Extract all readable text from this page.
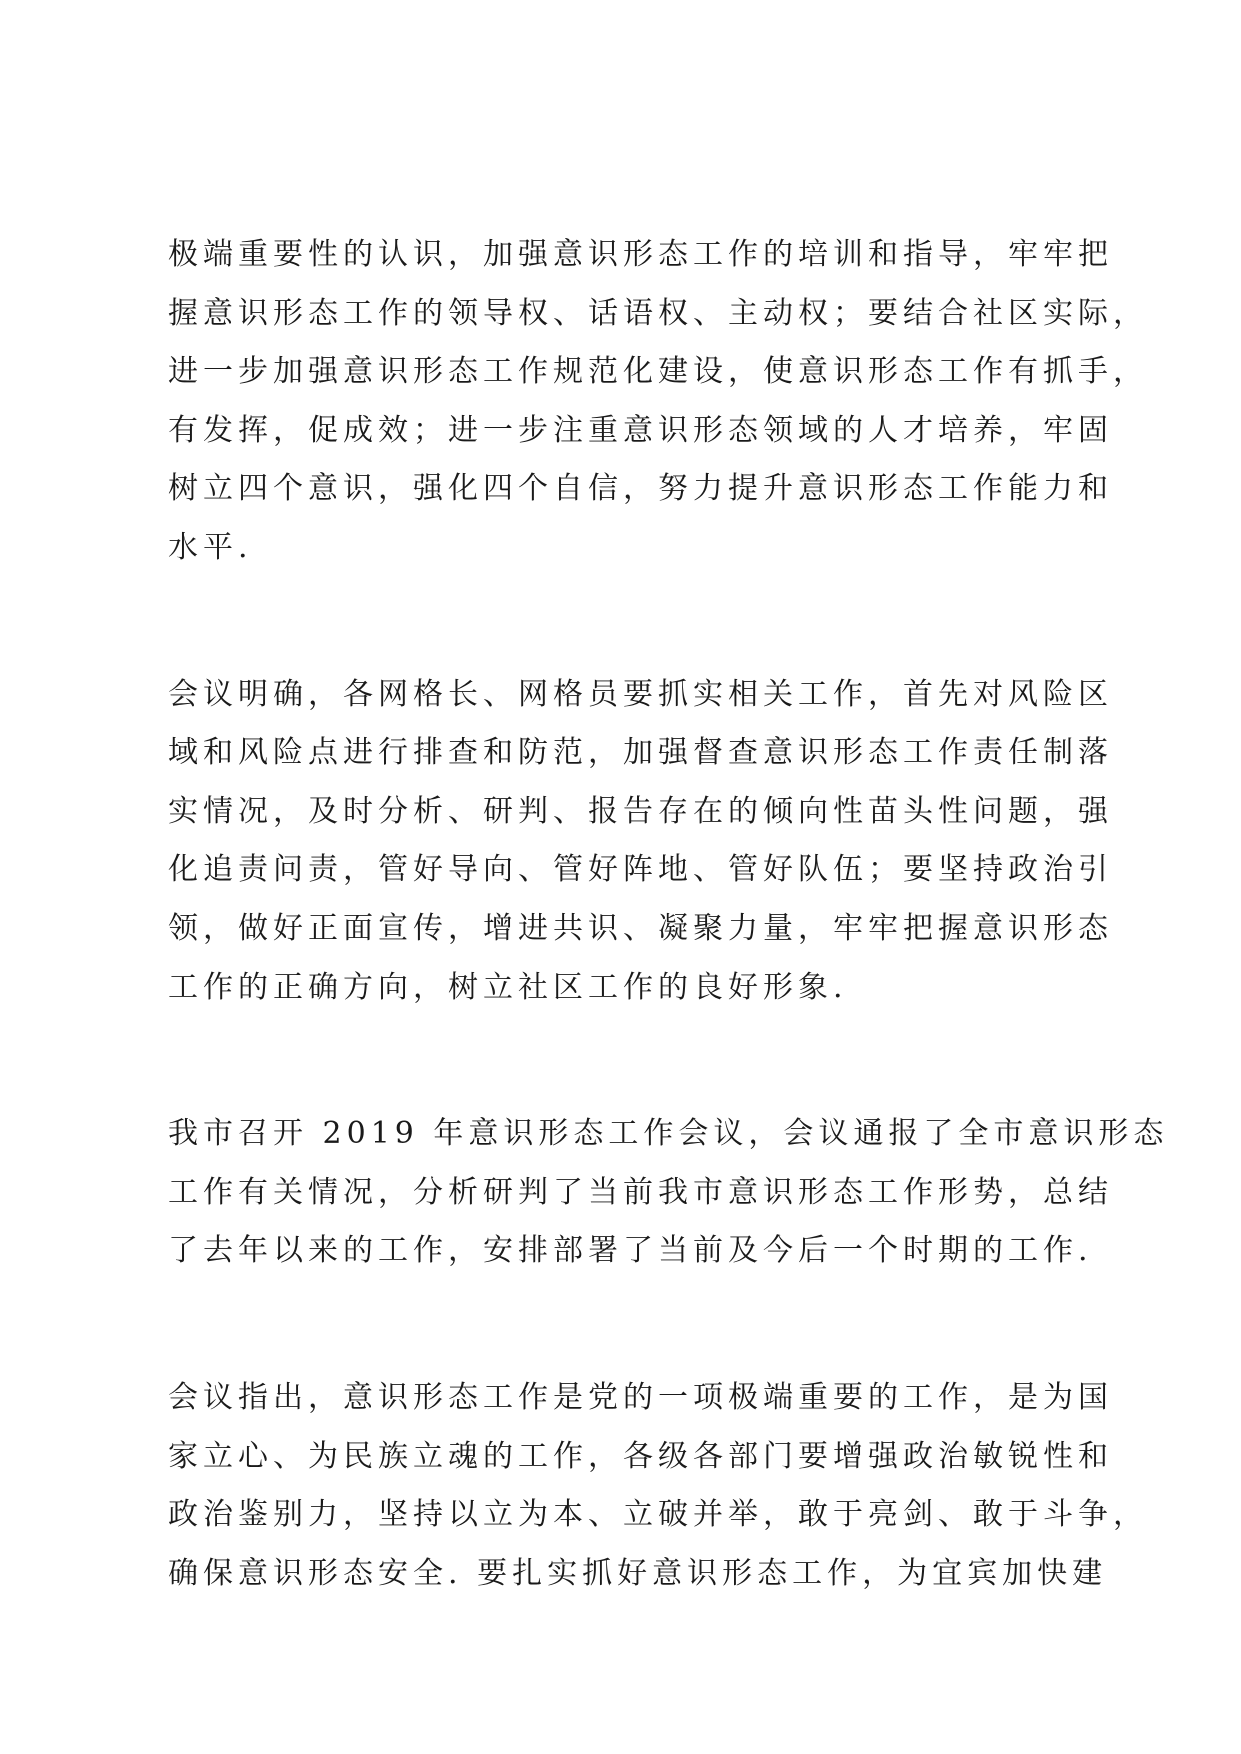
极端重要性的认识，加强意识形态工作的培训和指导，牢牢把

握意识形态工作的领导权、话语权、主动权；要结合社区实际，

进一步加强意识形态工作规范化建设，使意识形态工作有抓手，

有发挥，促成效；进一步注重意识形态领域的人才培养，牢固

树立四个意识，强化四个自信，努力提升意识形态工作能力和

水平.

会议明确，各网格长、网格员要抓实相关工作，首先对风险区

域和风险点进行排查和防范，加强督查意识形态工作责任制落

实情况，及时分析、研判、报告存在的倾向性苗头性问题，强

化追责问责，管好导向、管好阵地、管好队伍；要坚持政治引

领，做好正面宣传，增进共识、凝聚力量，牢牢把握意识形态

工作的正确方向，树立社区工作的良好形象.

我市召开 2019 年意识形态工作会议，会议通报了全市意识形态

工作有关情况，分析研判了当前我市意识形态工作形势，总结

了去年以来的工作，安排部署了当前及今后一个时期的工作.

会议指出，意识形态工作是党的一项极端重要的工作，是为国

家立心、为民族立魂的工作，各级各部门要增强政治敏锐性和

政治鉴别力，坚持以立为本、立破并举，敢于亮剑、敢于斗争，

确保意识形态安全. 要扎实抓好意识形态工作，为宜宾加快建
